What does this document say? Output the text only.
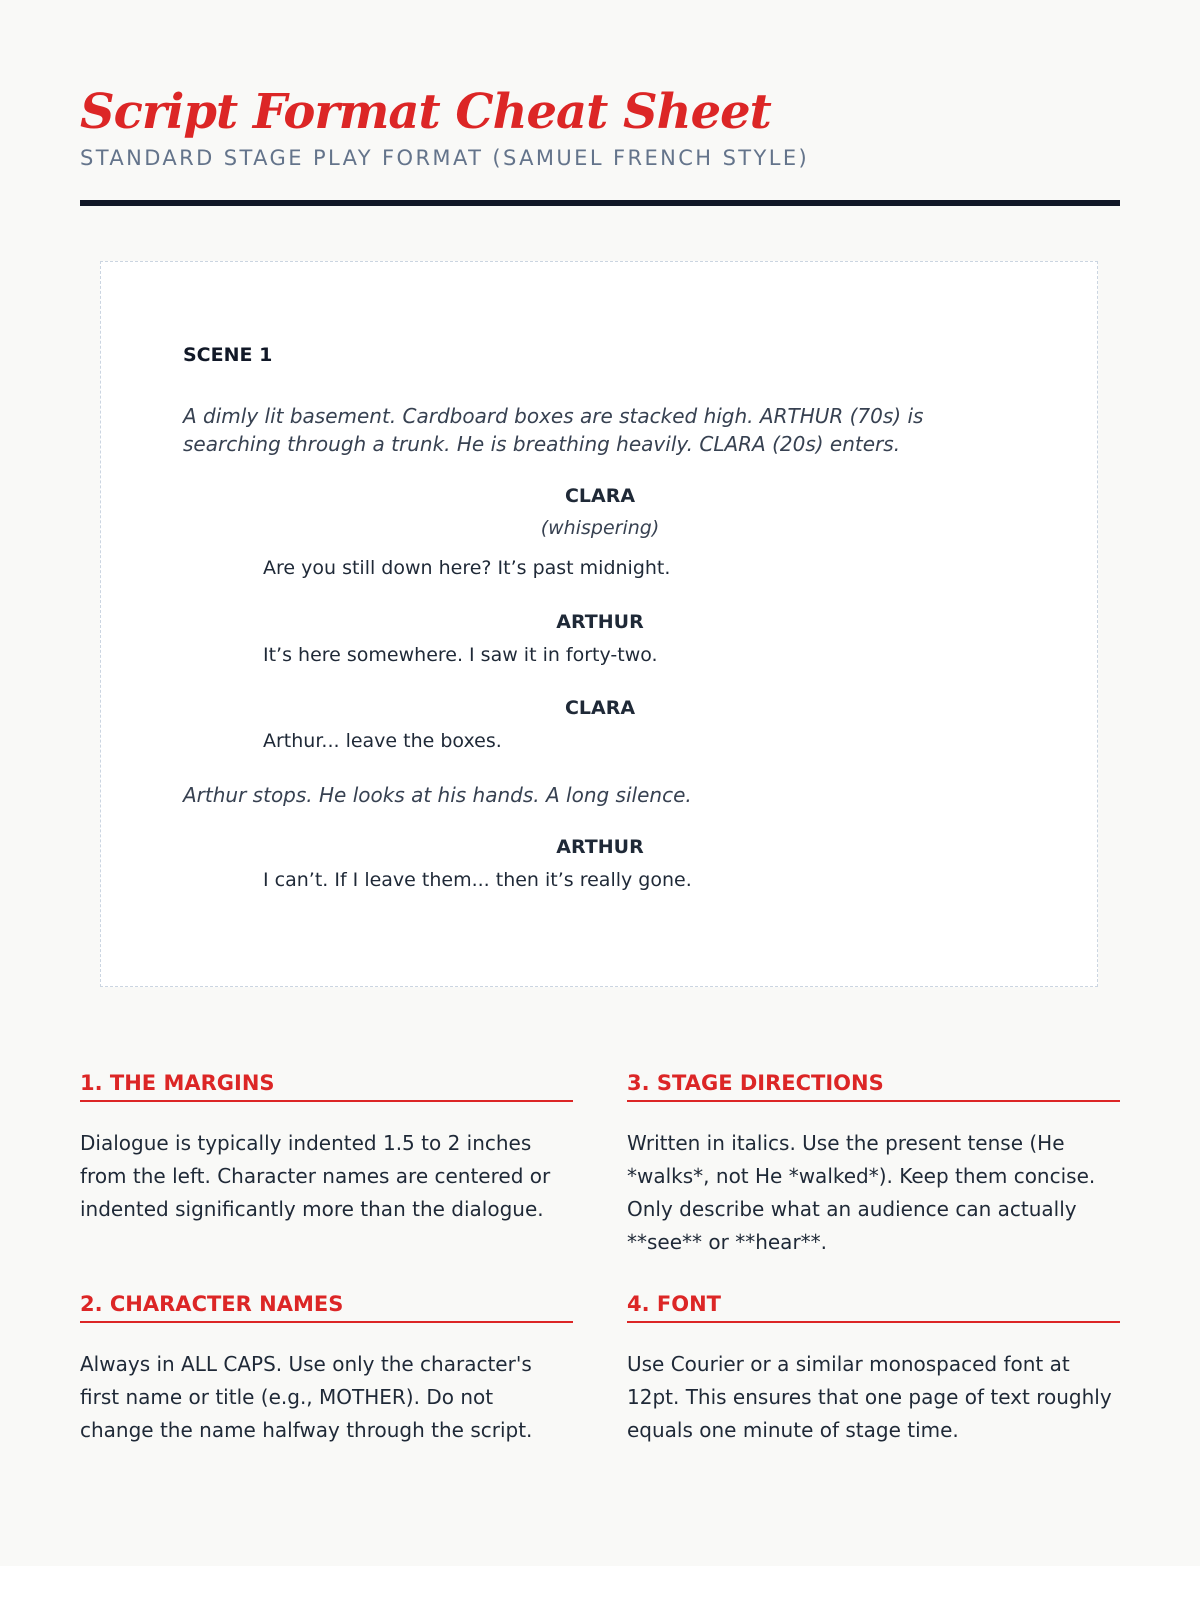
Script Format Cheat Sheet

STANDARD STAGE PLAY FORMAT (SAMUEL FRENCH STYLE)

SCENE 1
A dimly lit basement. Cardboard boxes are stacked high. ARTHUR (70s) is searching through a trunk. He is breathing heavily. CLARA (20s) enters.
CLARA
(whispering)
Are you still down here? It’s past midnight.
ARTHUR
It’s here somewhere. I saw it in forty-two.
CLARA
Arthur... leave the boxes.
Arthur stops. He looks at his hands. A long silence.
ARTHUR
I can’t. If I leave them... then it’s really gone.
1. THE MARGINS

Dialogue is typically indented 1.5 to 2 inches from the left. Character names are centered or indented significantly more than the dialogue.

2. CHARACTER NAMES

Always in ALL CAPS. Use only the character's first name or title (e.g., MOTHER). Do not change the name halfway through the script.

3. STAGE DIRECTIONS

Written in italics. Use the present tense (He *walks*, not He *walked*). Keep them concise. Only describe what an audience can actually **see** or **hear**.

4. FONT

Use Courier or a similar monospaced font at 12pt. This ensures that one page of text roughly equals one minute of stage time.
